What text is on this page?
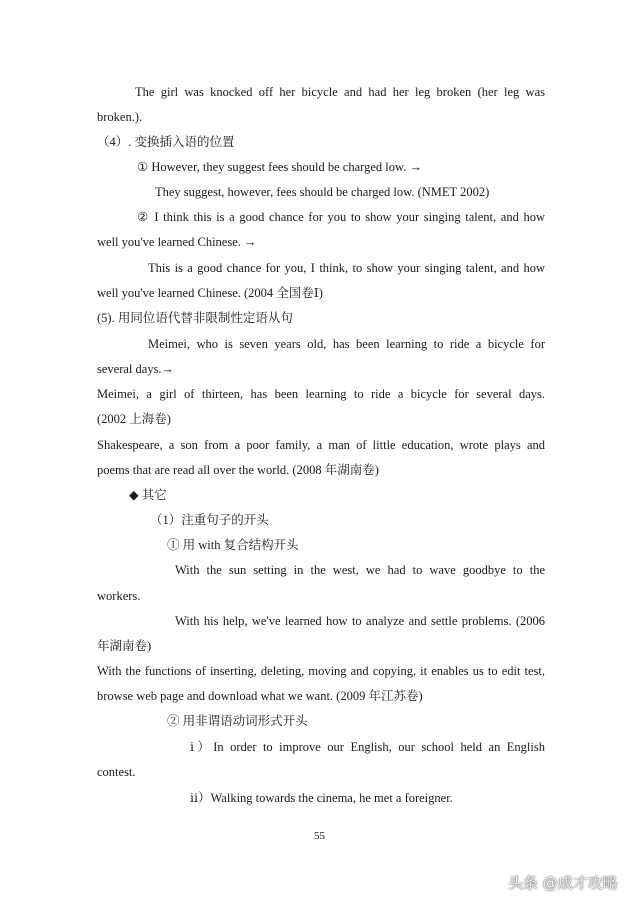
The girl was knocked off her bicycle and had her leg broken (her leg was
broken.).
（4）. 变换插入语的位置
① However, they suggest fees should be charged low. →
They suggest, however, fees should be charged low. (NMET 2002)
② I think this is a good chance for you to show your singing talent, and how
well you've learned Chinese. →
This is a good chance for you, I think, to show your singing talent, and how
well you've learned Chinese. (2004 全国卷Ⅰ)
(5). 用同位语代替非限制性定语从句
Meimei, who is seven years old, has been learning to ride a bicycle for
several days.→
Meimei, a girl of thirteen, has been learning to ride a bicycle for several days.
(2002 上海卷)
Shakespeare, a son from a poor family, a man of little education, wrote plays and
poems that are read all over the world. (2008 年湖南卷)
◆ 其它
（1）注重句子的开头
① 用 with 复合结构开头
With the sun setting in the west, we had to wave goodbye to the
workers.
With his help, we've learned how to analyze and settle problems. (2006
年湖南卷)
With the functions of inserting, deleting, moving and copying, it enables us to edit test,
browse web page and download what we want. (2009 年江苏卷)
② 用非谓语动词形式开头
ⅰ）In order to improve our English, our school held an English
contest.
ⅱ）Walking towards the cinema, he met a foreigner.
55
头条 @成才攻略
